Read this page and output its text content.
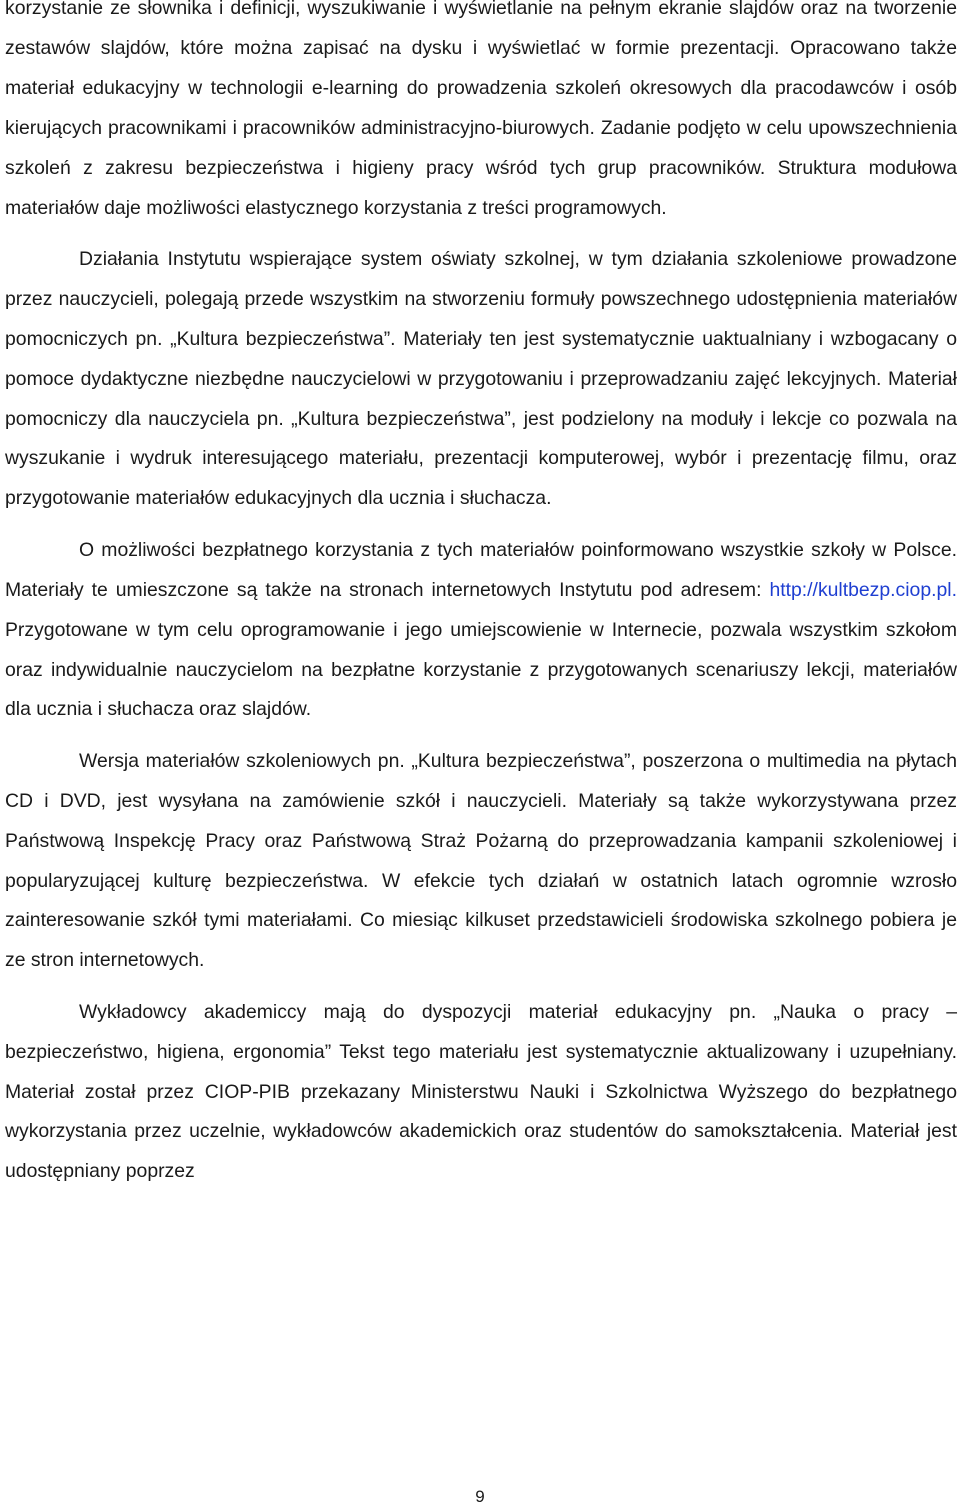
korzystanie ze słownika i definicji, wyszukiwanie i wyświetlanie na pełnym ekranie slajdów oraz na tworzenie zestawów slajdów, które można zapisać na dysku i wyświetlać w formie prezentacji. Opracowano także materiał edukacyjny w technologii e-learning do prowadzenia szkoleń okresowych dla pracodawców i osób kierujących pracownikami i pracowników administracyjno-biurowych. Zadanie podjęto w celu upowszechnienia szkoleń z zakresu bezpieczeństwa i higieny pracy wśród tych grup pracowników. Struktura modułowa materiałów daje możliwości elastycznego korzystania z treści programowych.

Działania Instytutu wspierające system oświaty szkolnej, w tym działania szkoleniowe prowadzone przez nauczycieli, polegają przede wszystkim na stworzeniu formuły powszechnego udostępnienia materiałów pomocniczych pn. „Kultura bezpieczeństwa”. Materiały ten jest systematycznie uaktualniany i wzbogacany o pomoce dydaktyczne niezbędne nauczycielowi w przygotowaniu i przeprowadzaniu zajęć lekcyjnych. Materiał pomocniczy dla nauczyciela pn. „Kultura bezpieczeństwa”, jest podzielony na moduły i lekcje co pozwala na wyszukanie i wydruk interesującego materiału, prezentacji komputerowej, wybór i prezentację filmu, oraz przygotowanie materiałów edukacyjnych dla ucznia i słuchacza.

O możliwości bezpłatnego korzystania z tych materiałów poinformowano wszystkie szkoły w Polsce. Materiały te umieszczone są także na stronach internetowych Instytutu pod adresem: http://kultbezp.ciop.pl. Przygotowane w tym celu oprogramowanie i jego umiejscowienie w Internecie, pozwala wszystkim szkołom oraz indywidualnie nauczycielom na bezpłatne korzystanie z przygotowanych scenariuszy lekcji, materiałów dla ucznia i słuchacza oraz slajdów.

Wersja materiałów szkoleniowych pn. „Kultura bezpieczeństwa”, poszerzona o multimedia na płytach CD i DVD, jest wysyłana na zamówienie szkół i nauczycieli. Materiały są także wykorzystywana przez Państwową Inspekcję Pracy oraz Państwową Straż Pożarną do przeprowadzania kampanii szkoleniowej i popularyzującej kulturę bezpieczeństwa. W efekcie tych działań w ostatnich latach ogromnie wzrosło zainteresowanie szkół tymi materiałami. Co miesiąc kilkuset przedstawicieli środowiska szkolnego pobiera je ze stron internetowych.

Wykładowcy akademiccy mają do dyspozycji materiał edukacyjny pn. „Nauka o pracy – bezpieczeństwo, higiena, ergonomia” Tekst tego materiału jest systematycznie aktualizowany i uzupełniany. Materiał został przez CIOP-PIB przekazany Ministerstwu Nauki i Szkolnictwa Wyższego do bezpłatnego wykorzystania przez uczelnie, wykładowców akademickich oraz studentów do samokształcenia. Materiał jest udostępniany poprzez

9
